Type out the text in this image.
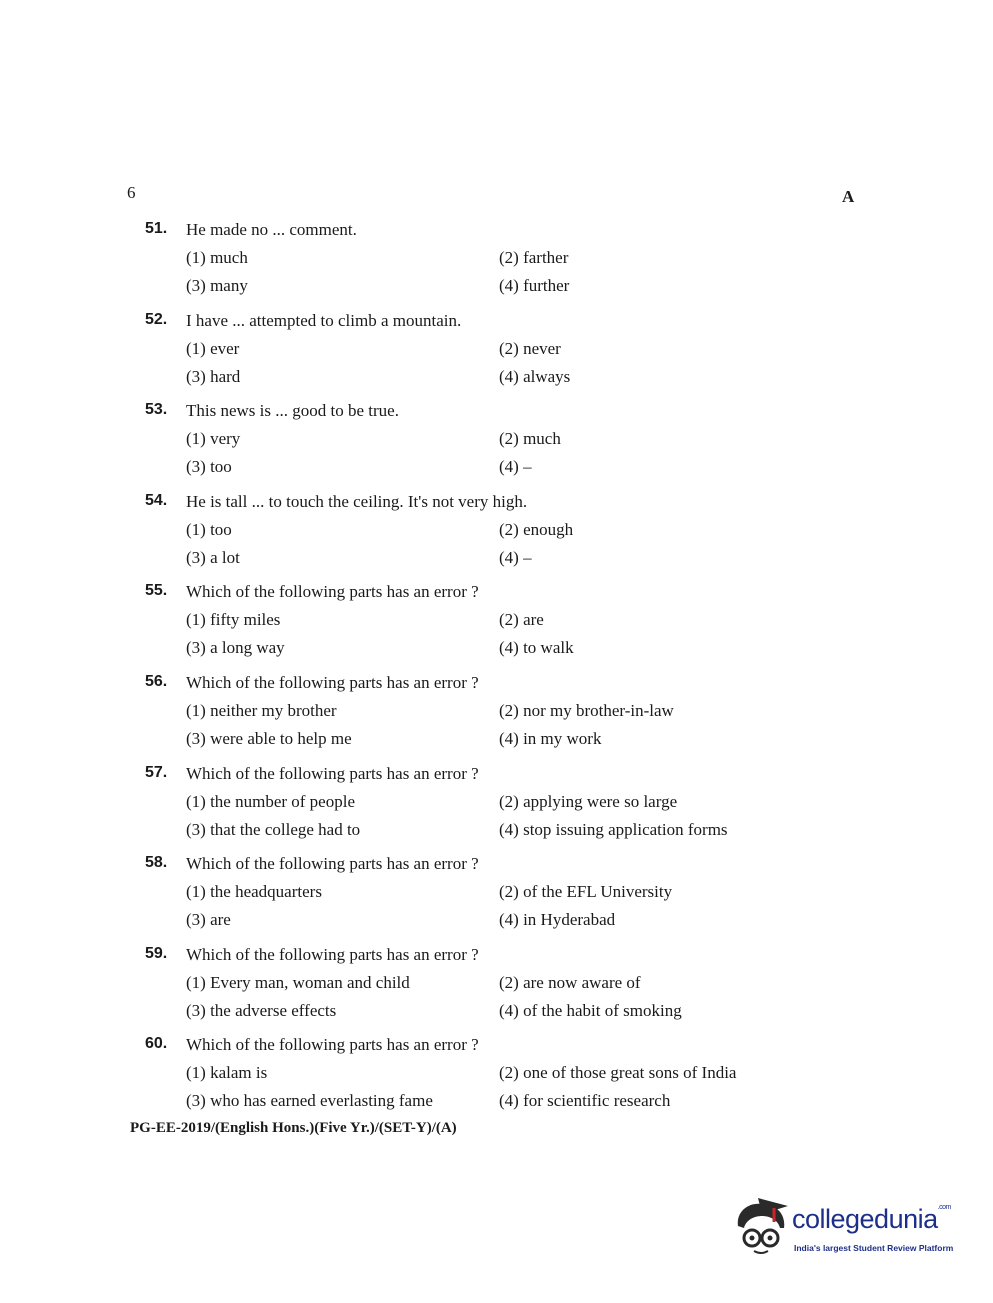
6	A
51. He made no ... comment.
(1) much	(2) farther
(3) many	(4) further
52. I have ... attempted to climb a mountain.
(1) ever	(2) never
(3) hard	(4) always
53. This news is ... good to be true.
(1) very	(2) much
(3) too	(4) –
54. He is tall ... to touch the ceiling. It's not very high.
(1) too	(2) enough
(3) a lot	(4) –
55. Which of the following parts has an error ?
(1) fifty miles	(2) are
(3) a long way	(4) to walk
56. Which of the following parts has an error ?
(1) neither my brother	(2) nor my brother-in-law
(3) were able to help me	(4) in my work
57. Which of the following parts has an error ?
(1) the number of people	(2) applying were so large
(3) that the college had to	(4) stop issuing application forms
58. Which of the following parts has an error ?
(1) the headquarters	(2) of the EFL University
(3) are	(4) in Hyderabad
59. Which of the following parts has an error ?
(1) Every man, woman and child	(2) are now aware of
(3) the adverse effects	(4) of the habit of smoking
60. Which of the following parts has an error ?
(1) kalam is	(2) one of those great sons of India
(3) who has earned everlasting fame	(4) for scientific research
PG-EE-2019/(English Hons.)(Five Yr.)/(SET-Y)/(A)
collegedunia$^{.com}$
India's largest Student Review Platform
